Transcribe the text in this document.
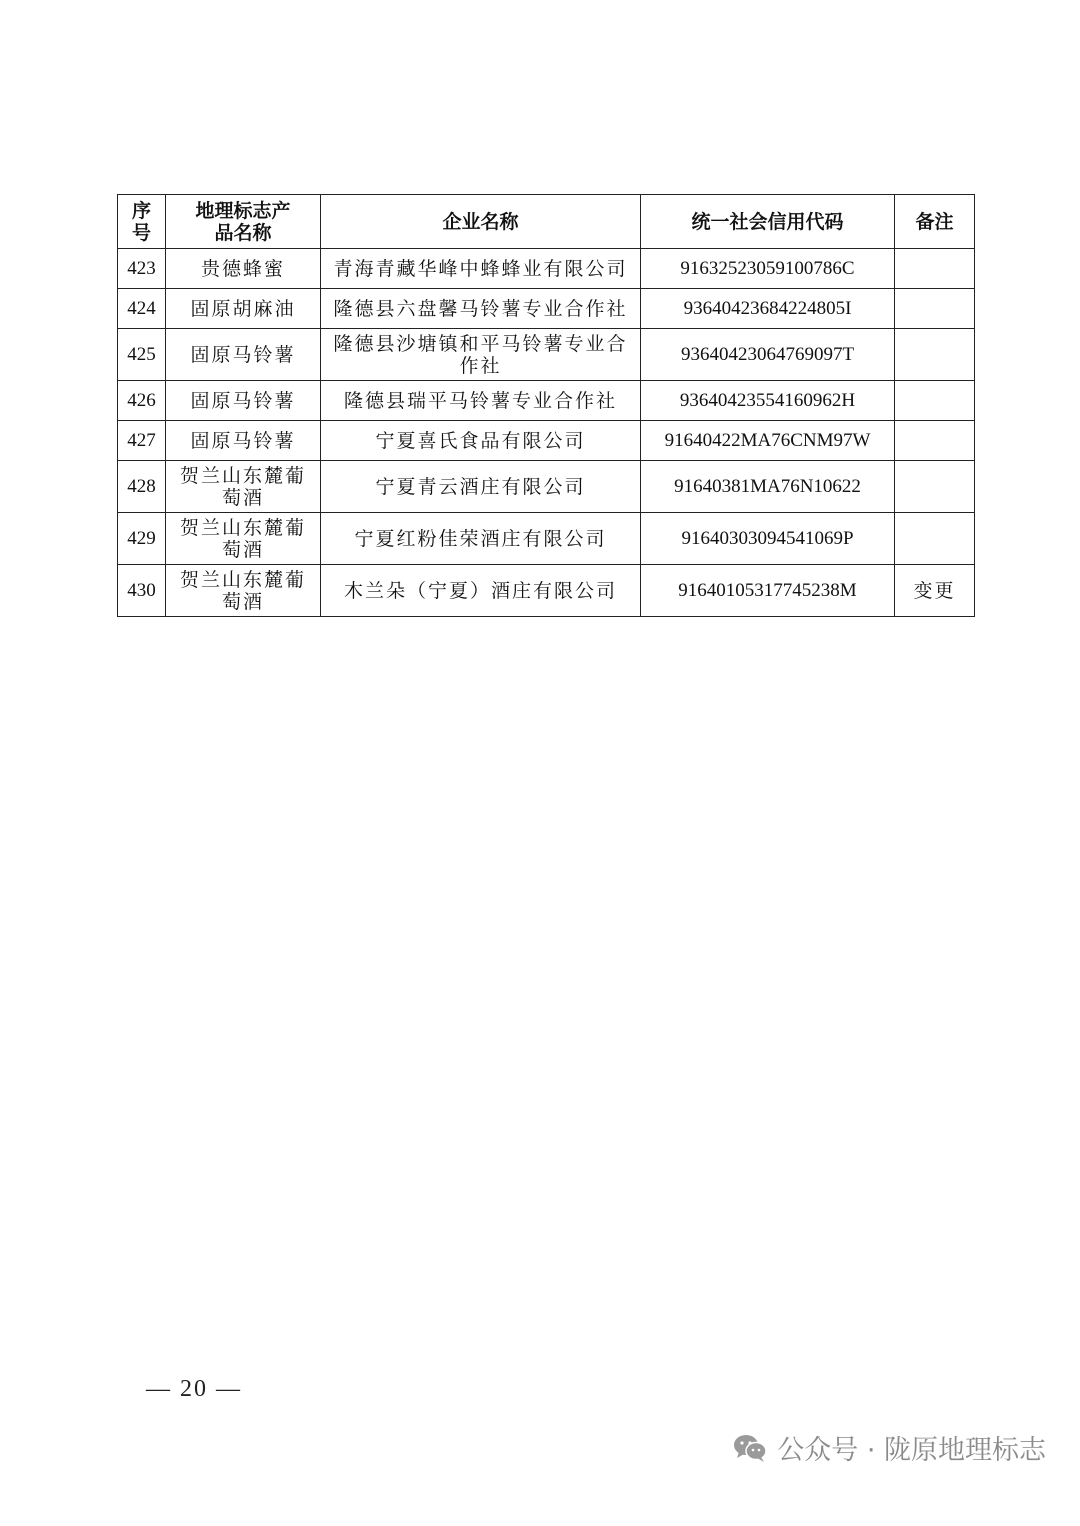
序号	地理标志产品名称	企业名称	统一社会信用代码	备注
423	贵德蜂蜜	青海青藏华峰中蜂蜂业有限公司	91632523059100786C	
424	固原胡麻油	隆德县六盘馨马铃薯专业合作社	93640423684224805I	
425	固原马铃薯	隆德县沙塘镇和平马铃薯专业合作社	93640423064769097T	
426	固原马铃薯	隆德县瑞平马铃薯专业合作社	93640423554160962H	
427	固原马铃薯	宁夏喜氏食品有限公司	91640422MA76CNM97W	
428	贺兰山东麓葡萄酒	宁夏青云酒庄有限公司	91640381MA76N10622	
429	贺兰山东麓葡萄酒	宁夏红粉佳荣酒庄有限公司	91640303094541069P	
430	贺兰山东麓葡萄酒	木兰朵（宁夏）酒庄有限公司	91640105317745238M	变更
— 20 —
公众号 · 陇原地理标志
